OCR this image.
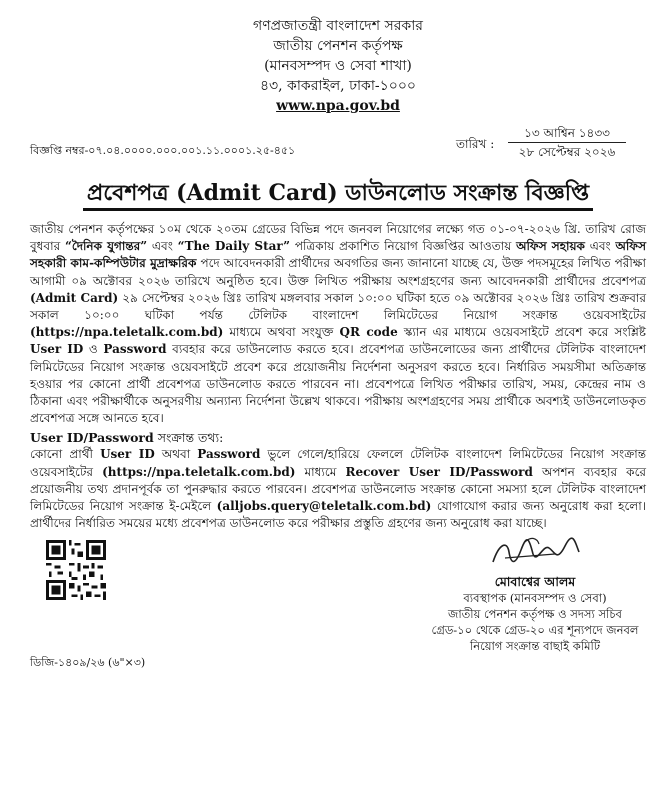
গণপ্রজাতন্ত্রী বাংলাদেশ সরকার
জাতীয় পেনশন কর্তৃপক্ষ
(মানবসম্পদ ও সেবা শাখা)
৪৩, কাকরাইল, ঢাকা-১০০০
www.npa.gov.bd
বিজ্ঞপ্তি নম্বর-০৭.০৪.০০০০.০০০.০০১.১১.০০০১.২৫-৪৫১	তারিখ :
১৩ আশ্বিন ১৪৩৩
২৮ সেপ্টেম্বর ২০২৬
প্রবেশপত্র (Admit Card) ডাউনলোড সংক্রান্ত বিজ্ঞপ্তি
জাতীয় পেনশন কর্তৃপক্ষের ১০ম থেকে ২০তম গ্রেডের বিভিন্ন পদে জনবল নিয়োগের লক্ষ্যে গত ০১-০৭-২০২৬ খ্রি. তারিখ রোজ বুধবার “দৈনিক যুগান্তর” এবং “The Daily Star” পত্রিকায় প্রকাশিত নিয়োগ বিজ্ঞপ্তির আওতায় অফিস সহায়ক এবং অফিস সহকারী কাম-কম্পিউটার মুদ্রাক্ষরিক পদে আবেদনকারী প্রার্থীদের অবগতির জন্য জানানো যাচ্ছে যে, উক্ত পদসমূহের লিখিত পরীক্ষা আগামী ০৯ অক্টোবর ২০২৬ তারিখে অনুষ্ঠিত হবে। উক্ত লিখিত পরীক্ষায় অংশগ্রহণের জন্য আবেদনকারী প্রার্থীদের প্রবেশপত্র (Admit Card) ২৯ সেপ্টেম্বর ২০২৬ খ্রিঃ তারিখ মঙ্গলবার সকাল ১০:০০ ঘটিকা হতে ০৯ অক্টোবর ২০২৬ খ্রিঃ তারিখ শুক্রবার সকাল ১০:০০ ঘটিকা পর্যন্ত টেলিটক বাংলাদেশ লিমিটেডের নিয়োগ সংক্রান্ত ওয়েবসাইটের (https://npa.teletalk.com.bd) মাধ্যমে অথবা সংযুক্ত QR code স্ক্যান এর মাধ্যমে ওয়েবসাইটে প্রবেশ করে সংশ্লিষ্ট User ID ও Password ব্যবহার করে ডাউনলোড করতে হবে। প্রবেশপত্র ডাউনলোডের জন্য প্রার্থীদের টেলিটক বাংলাদেশ লিমিটেডের নিয়োগ সংক্রান্ত ওয়েবসাইটে প্রবেশ করে প্রয়োজনীয় নির্দেশনা অনুসরণ করতে হবে। নির্ধারিত সময়সীমা অতিক্রান্ত হওয়ার পর কোনো প্রার্থী প্রবেশপত্র ডাউনলোড করতে পারবেন না। প্রবেশপত্রে লিখিত পরীক্ষার তারিখ, সময়, কেন্দ্রের নাম ও ঠিকানা এবং পরীক্ষার্থীকে অনুসরণীয় অন্যান্য নির্দেশনা উল্লেখ থাকবে। পরীক্ষায় অংশগ্রহণের সময় প্রার্থীকে অবশ্যই ডাউনলোডকৃত প্রবেশপত্র সঙ্গে আনতে হবে।
User ID/Password সংক্রান্ত তথ্য:
কোনো প্রার্থী User ID অথবা Password ভুলে গেলে/হারিয়ে ফেললে টেলিটক বাংলাদেশ লিমিটেডের নিয়োগ সংক্রান্ত ওয়েবসাইটের (https://npa.teletalk.com.bd) মাধ্যমে Recover User ID/Password অপশন ব্যবহার করে প্রয়োজনীয় তথ্য প্রদানপূর্বক তা পুনরুদ্ধার করতে পারবেন। প্রবেশপত্র ডাউনলোড সংক্রান্ত কোনো সমস্যা হলে টেলিটক বাংলাদেশ লিমিটেডের নিয়োগ সংক্রান্ত ই-মেইলে (alljobs.query@teletalk.com.bd) যোগাযোগ করার জন্য অনুরোধ করা হলো। প্রার্থীদের নির্ধারিত সময়ের মধ্যে প্রবেশপত্র ডাউনলোড করে পরীক্ষার প্রস্তুতি গ্রহণের জন্য অনুরোধ করা যাচ্ছে।
মোবাশ্বের আলম
ব্যবস্থাপক (মানবসম্পদ ও সেবা)
জাতীয় পেনশন কর্তৃপক্ষ ও সদস্য সচিব
গ্রেড-১০ থেকে গ্রেড-২০ এর শূন্যপদে জনবল
নিয়োগ সংক্রান্ত বাছাই কমিটি
ডিজি-১৪০৯/২৬ (৬"×৩)
